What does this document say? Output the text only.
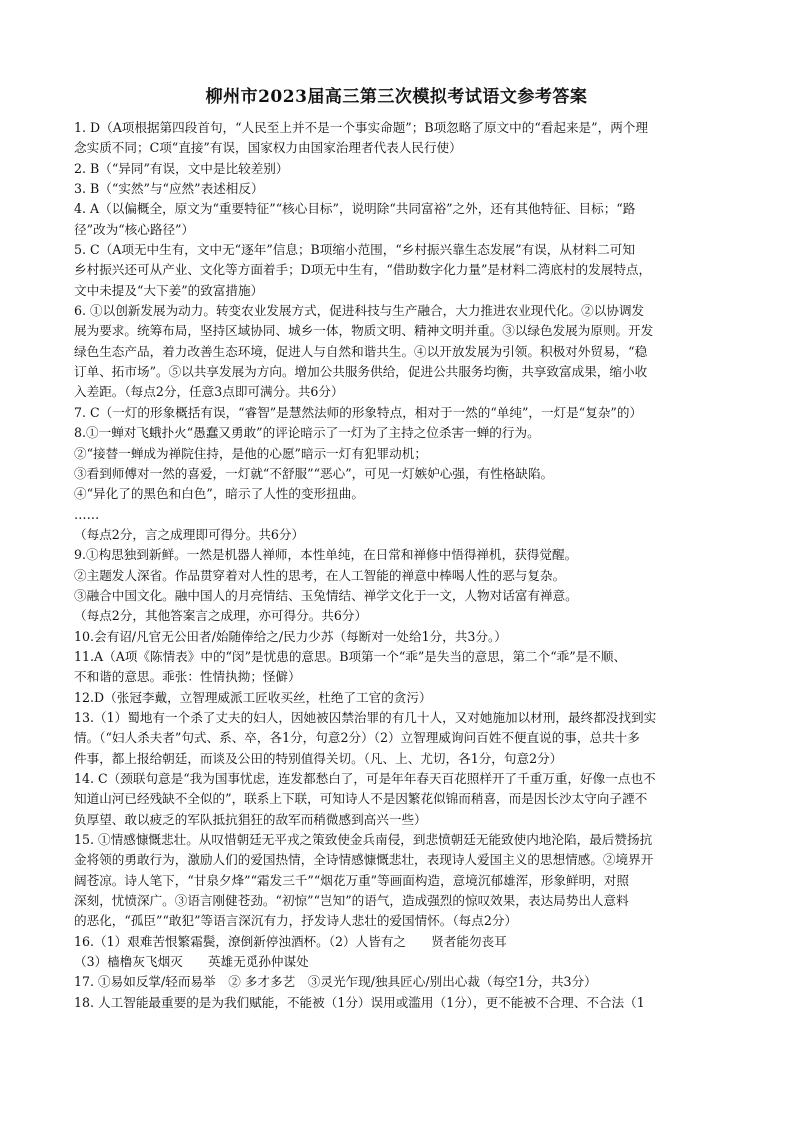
柳州市2023届高三第三次模拟考试语文参考答案

1. D（A项根据第四段首句，“人民至上并不是一个事实命题”；B项忽略了原文中的“看起来是”，两个理

念实质不同；C项“直接”有误，国家权力由国家治理者代表人民行使）

2. B（“异同”有误，文中是比较差别）

3. B（“实然”与“应然”表述相反）

4. A（以偏概全，原文为“重要特征”“核心目标”，说明除“共同富裕”之外，还有其他特征、目标；“路

径”改为“核心路径”）

5. C（A项无中生有，文中无“逐年”信息；B项缩小范围，“乡村振兴靠生态发展”有误，从材料二可知

乡村振兴还可从产业、文化等方面着手；D项无中生有，“借助数字化力量”是材料二湾底村的发展特点，

文中未提及“大下姜”的致富措施）

6. ①以创新发展为动力。转变农业发展方式，促进科技与生产融合，大力推进农业现代化。②以协调发

展为要求。统筹布局，坚持区域协同、城乡一体，物质文明、精神文明并重。③以绿色发展为原则。开发

绿色生态产品，着力改善生态环境，促进人与自然和谐共生。④以开放发展为引领。积极对外贸易，“稳

订单、拓市场”。⑤以共享发展为方向。增加公共服务供给，促进公共服务均衡，共享致富成果，缩小收

入差距。（每点2分，任意3点即可满分。共6分）

7. C（一灯的形象概括有误，“睿智”是慧然法师的形象特点，相对于一然的“单纯”，一灯是“复杂”的）

8.①一蝉对飞蛾扑火“愚蠢又勇敢”的评论暗示了一灯为了主持之位杀害一蝉的行为。

②“接替一蝉成为禅院住持，是他的心愿”暗示一灯有犯罪动机；

③看到师傅对一然的喜爱，一灯就“不舒服”“恶心”，可见一灯嫉妒心强，有性格缺陷。

④“异化了的黑色和白色”，暗示了人性的变形扭曲。

……

（每点2分，言之成理即可得分。共6分）

9.①构思独到新鲜。一然是机器人禅师，本性单纯，在日常和禅修中悟得禅机，获得觉醒。

②主题发人深省。作品贯穿着对人性的思考，在人工智能的禅意中棒喝人性的恶与复杂。

③融合中国文化。融中国人的月亮情结、玉兔情结、禅学文化于一文，人物对话富有禅意。

（每点2分，其他答案言之成理，亦可得分。共6分）

10.会有诏/凡官无公田者/始随俸给之/民力少苏（每断对一处给1分，共3分。）

11.A（A项《陈情表》中的“闵”是忧患的意思。B项第一个“乖”是失当的意思，第二个“乖”是不顺、

不和谐的意思。乖张：性情执拗；怪僻）

12.D（张冠李戴，立智理威派工匠收买丝，杜绝了工官的贪污）

13.（1）蜀地有一个杀了丈夫的妇人，因她被囚禁治罪的有几十人，又对她施加以材刑，最终都没找到实

情。（“妇人杀夫者”句式、系、卒，各1分，句意2分）（2）立智理威询问百姓不便直说的事，总共十多

件事，都上报给朝廷，而谈及公田的特别值得关切。（凡、上、尤切，各1分，句意2分）

14. C（颈联句意是“我为国事忧虑，连发都愁白了，可是年年春天百花照样开了千重万重，好像一点也不

知道山河已经残缺不全似的”，联系上下联，可知诗人不是因繁花似锦而稍喜，而是因长沙太守向子諲不

负厚望、敢以疲乏的军队抵抗猖狂的敌军而稍微感到高兴一些）

15. ①情感慷慨悲壮。从叹惜朝廷无平戎之策致使金兵南侵，到悲愤朝廷无能致使内地沦陷，最后赞扬抗

金将领的勇敢行为，激励人们的爱国热情，全诗情感慷慨悲壮，表现诗人爱国主义的思想情感。②境界开

阔苍凉。诗人笔下，“甘泉夕烽”“霜发三千”“烟花万重”等画面构造，意境沉郁雄浑，形象鲜明，对照

深刻，忧愤深广。③语言刚健苍劲。“初惊”“岂知”的语气，造成强烈的惊叹效果，表达局势出人意料

的恶化，“孤臣”“敢犯”等语言深沉有力，抒发诗人悲壮的爱国情怀。（每点2分）

16.（1）艰难苦恨繁霜鬓，潦倒新停浊酒杯。（2）人皆有之　　贤者能勿丧耳

（3）樯橹灰飞烟灭　　英雄无觅孙仲谋处

17. ①易如反掌/轻而易举　② 多才多艺　③灵光乍现/独具匠心/别出心裁（每空1分，共3分）

18. 人工智能最重要的是为我们赋能，不能被（1分）误用或滥用（1分），更不能被不合理、不合法（1
